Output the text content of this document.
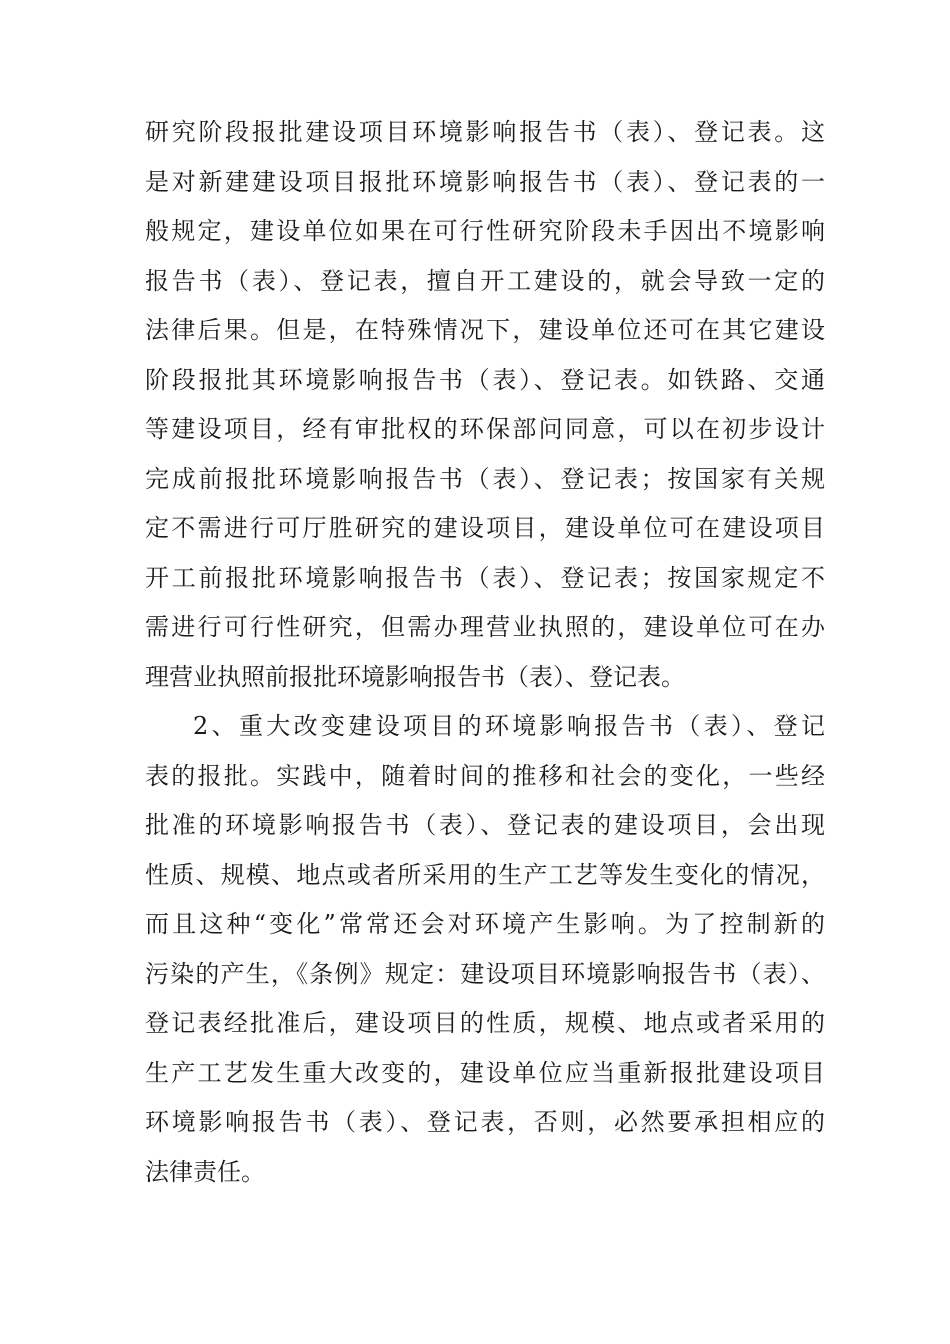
研究阶段报批建设项目环境影响报告书（表）、登记表。这
是对新建建设项目报批环境影响报告书（表）、登记表的一
般规定，建设单位如果在可行性研究阶段未手因出不境影响
报告书（表）、登记表，擅自开工建设的，就会导致一定的
法律后果。但是，在特殊情况下，建设单位还可在其它建设
阶段报批其环境影响报告书（表）、登记表。如铁路、交通
等建设项目，经有审批权的环保部问同意，可以在初步设计
完成前报批环境影响报告书（表）、登记表；按国家有关规
定不需进行可厅胜研究的建设项目，建设单位可在建设项目
开工前报批环境影响报告书（表）、登记表；按国家规定不
需进行可行性研究，但需办理营业执照的，建设单位可在办
理营业执照前报批环境影响报告书（表）、登记表。
2、重大改变建设项目的环境影响报告书（表）、登记
表的报批。实践中，随着时间的推移和社会的变化，一些经
批准的环境影响报告书（表）、登记表的建设项目，会出现
性质、规模、地点或者所采用的生产工艺等发生变化的情况，
而且这种“变化”常常还会对环境产生影响。为了控制新的
污染的产生，《条例》规定：建设项目环境影响报告书（表）、
登记表经批准后，建设项目的性质，规模、地点或者采用的
生产工艺发生重大改变的，建设单位应当重新报批建设项目
环境影响报告书（表）、登记表，否则，必然要承担相应的
法律责任。
